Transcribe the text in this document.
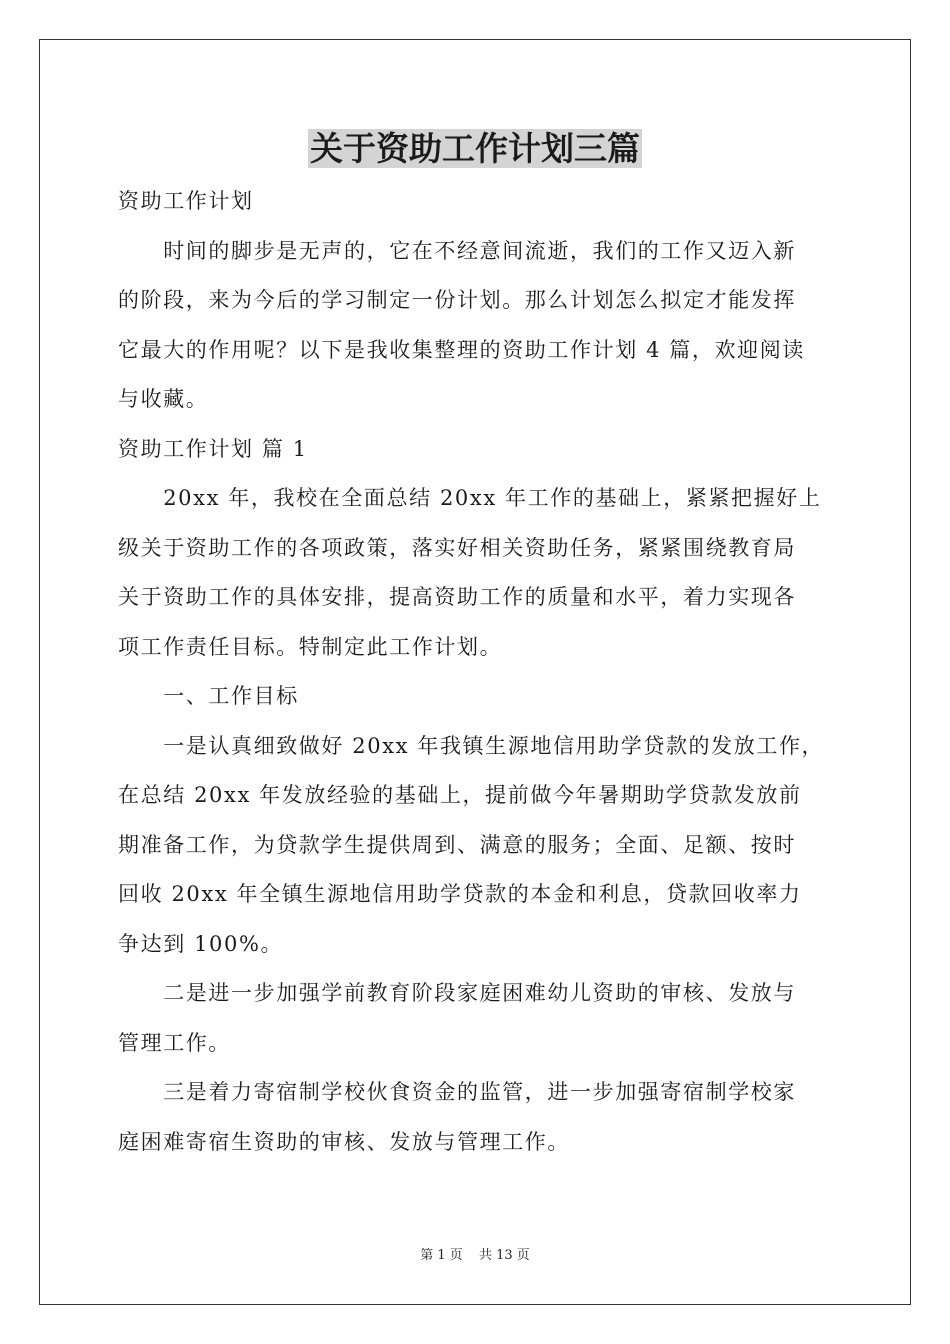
关于资助工作计划三篇

资助工作计划

　　时间的脚步是无声的，它在不经意间流逝，我们的工作又迈入新
的阶段，来为今后的学习制定一份计划。那么计划怎么拟定才能发挥
它最大的作用呢？以下是我收集整理的资助工作计划 4 篇，欢迎阅读
与收藏。

资助工作计划 篇 1

　　20xx 年，我校在全面总结 20xx 年工作的基础上，紧紧把握好上
级关于资助工作的各项政策，落实好相关资助任务，紧紧围绕教育局
关于资助工作的具体安排，提高资助工作的质量和水平，着力实现各
项工作责任目标。特制定此工作计划。

　　一、工作目标

　　一是认真细致做好 20xx 年我镇生源地信用助学贷款的发放工作，
在总结 20xx 年发放经验的基础上，提前做今年暑期助学贷款发放前
期准备工作，为贷款学生提供周到、满意的服务；全面、足额、按时
回收 20xx 年全镇生源地信用助学贷款的本金和利息，贷款回收率力
争达到 100%。

　　二是进一步加强学前教育阶段家庭困难幼儿资助的审核、发放与
管理工作。

　　三是着力寄宿制学校伙食资金的监管，进一步加强寄宿制学校家
庭困难寄宿生资助的审核、发放与管理工作。

第 1 页 共 13 页
